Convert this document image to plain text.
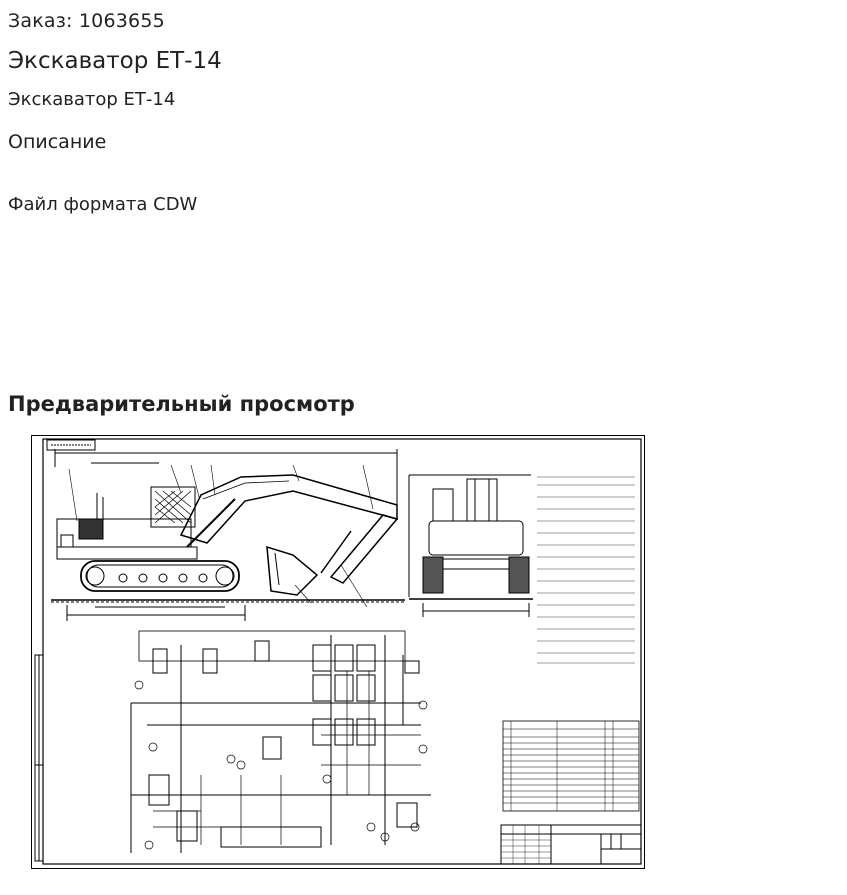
Заказ: 1063655
Экскаватор ЕТ-14
Экскаватор ЕТ-14
Описание
Файл формата CDW
Предварительный просмотр
